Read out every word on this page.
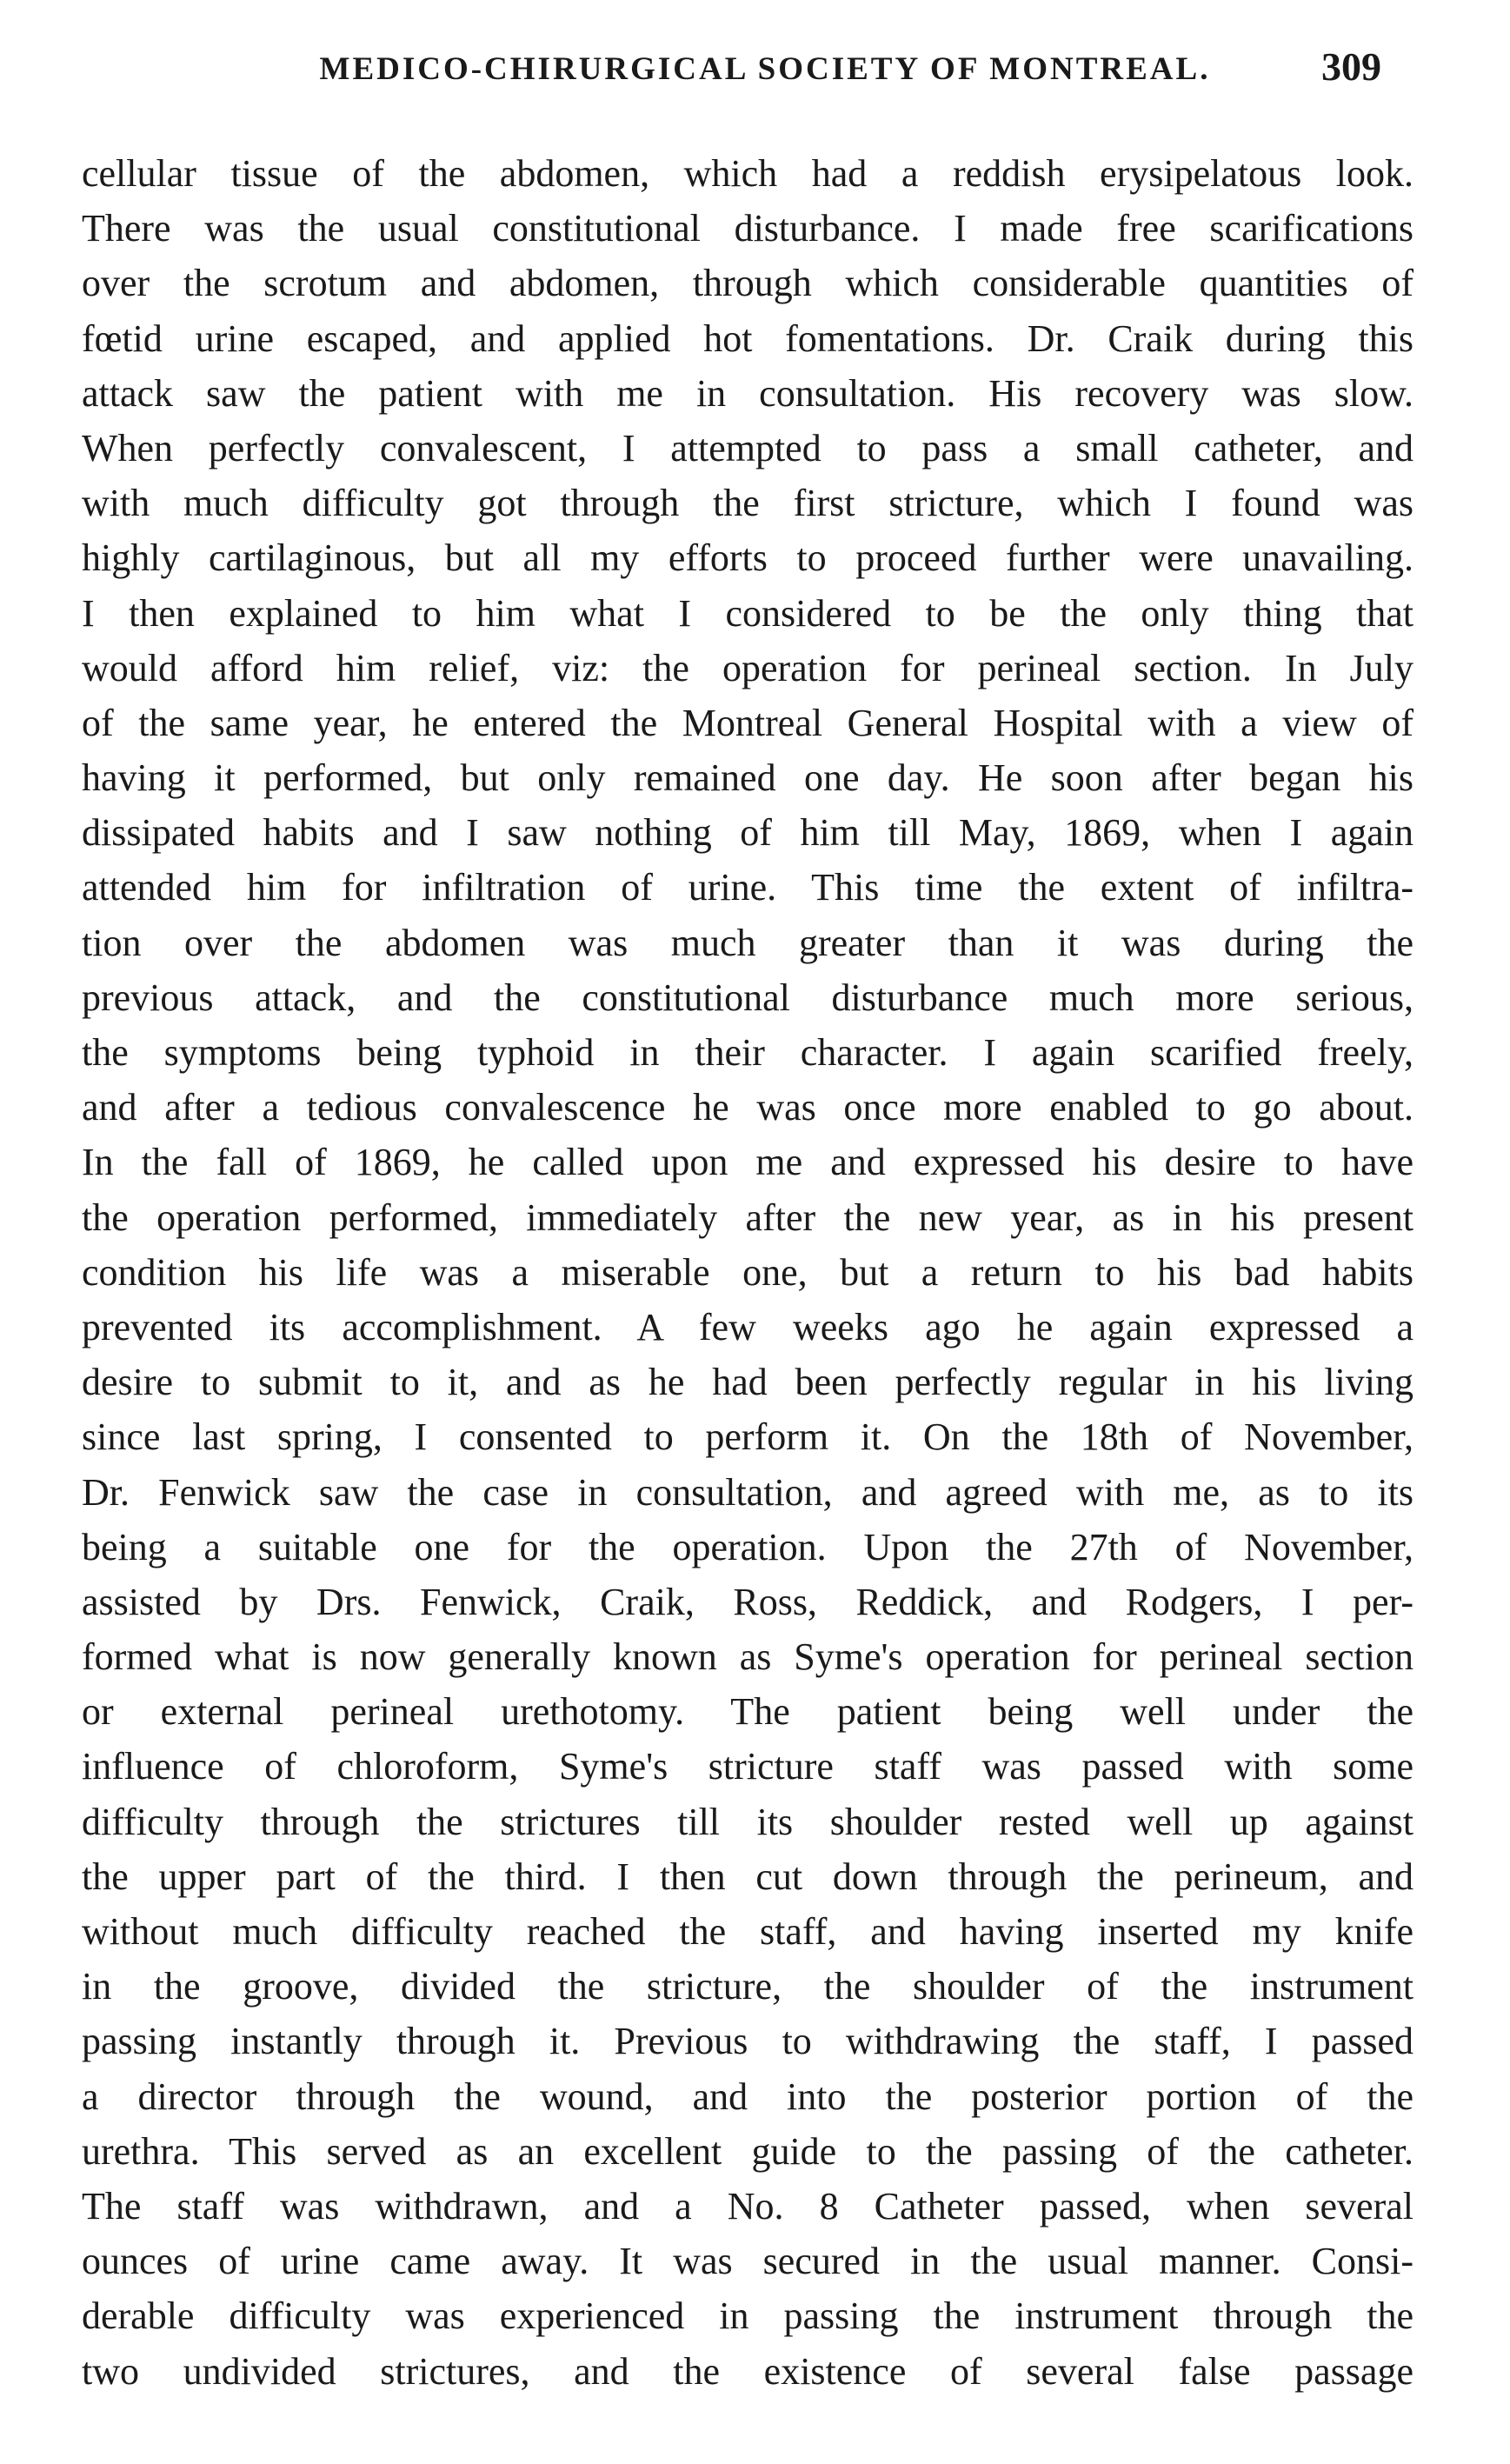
MEDICO-CHIRURGICAL SOCIETY OF MONTREAL.	309
cellular tissue of the abdomen, which had a reddish erysipelatous look.
There was the usual constitutional disturbance. I made free scarifications
over the scrotum and abdomen, through which considerable quantities of
fœtid urine escaped, and applied hot fomentations. Dr. Craik during this
attack saw the patient with me in consultation. His recovery was slow.
When perfectly convalescent, I attempted to pass a small catheter, and
with much difficulty got through the first stricture, which I found was
highly cartilaginous, but all my efforts to proceed further were unavailing.
I then explained to him what I considered to be the only thing that
would afford him relief, viz: the operation for perineal section. In July
of the same year, he entered the Montreal General Hospital with a view of
having it performed, but only remained one day. He soon after began his
dissipated habits and I saw nothing of him till May, 1869, when I again
attended him for infiltration of urine. This time the extent of infiltra-
tion over the abdomen was much greater than it was during the
previous attack, and the constitutional disturbance much more serious,
the symptoms being typhoid in their character. I again scarified freely,
and after a tedious convalescence he was once more enabled to go about.
In the fall of 1869, he called upon me and expressed his desire to have
the operation performed, immediately after the new year, as in his present
condition his life was a miserable one, but a return to his bad habits
prevented its accomplishment. A few weeks ago he again expressed a
desire to submit to it, and as he had been perfectly regular in his living
since last spring, I consented to perform it. On the 18th of November,
Dr. Fenwick saw the case in consultation, and agreed with me, as to its
being a suitable one for the operation. Upon the 27th of November,
assisted by Drs. Fenwick, Craik, Ross, Reddick, and Rodgers, I per-
formed what is now generally known as Syme's operation for perineal section
or external perineal urethotomy. The patient being well under the
influence of chloroform, Syme's stricture staff was passed with some
difficulty through the strictures till its shoulder rested well up against
the upper part of the third. I then cut down through the perineum, and
without much difficulty reached the staff, and having inserted my knife
in the groove, divided the stricture, the shoulder of the instrument
passing instantly through it. Previous to withdrawing the staff, I passed
a director through the wound, and into the posterior portion of the
urethra. This served as an excellent guide to the passing of the catheter.
The staff was withdrawn, and a No. 8 Catheter passed, when several
ounces of urine came away. It was secured in the usual manner. Consi-
derable difficulty was experienced in passing the instrument through the
two undivided strictures, and the existence of several false passage
